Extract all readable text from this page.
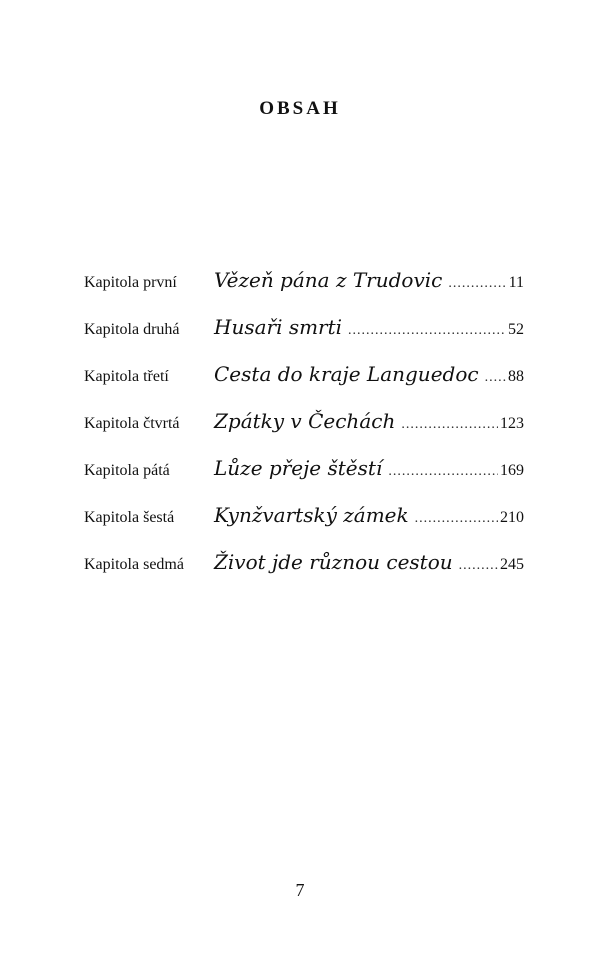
OBSAH
Kapitola první	Vězeň pána z Trudovic .....	11
Kapitola druhá	Husaři smrti .....	52
Kapitola třetí	Cesta do kraje Languedoc .....	88
Kapitola čtvrtá	Zpátky v Čechách .....	123
Kapitola pátá	Lůze přeje štěstí .....	169
Kapitola šestá	Kynžvartský zámek .....	210
Kapitola sedmá	Život jde různou cestou .....	245
7
